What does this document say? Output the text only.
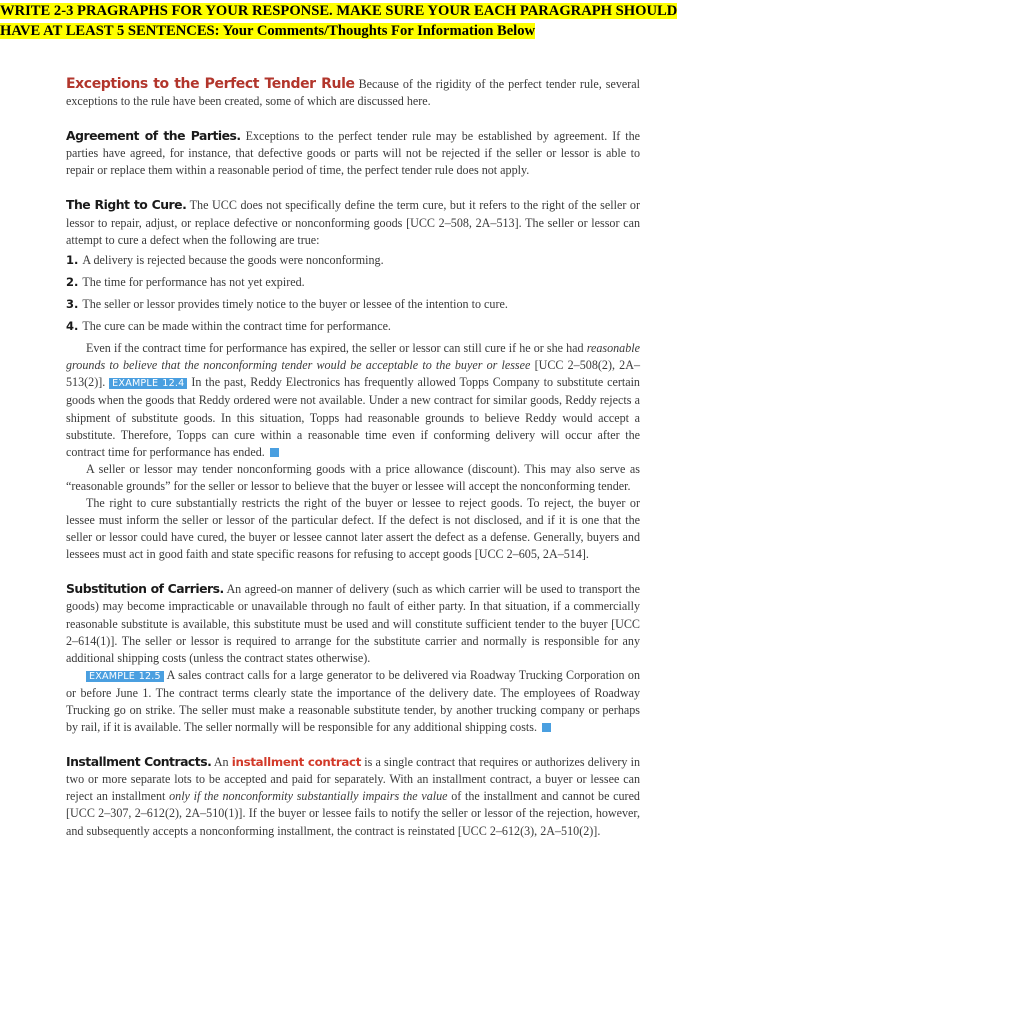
WRITE 2-3 PRAGRAPHS FOR YOUR RESPONSE. MAKE SURE YOUR EACH PARAGRAPH SHOULD
HAVE AT LEAST 5 SENTENCES: Your Comments/Thoughts For Information Below

Exceptions to the Perfect Tender Rule Because of the rigidity of the perfect tender rule, several exceptions to the rule have been created, some of which are discussed here.

Agreement of the Parties. Exceptions to the perfect tender rule may be established by agreement. If the parties have agreed, for instance, that defective goods or parts will not be rejected if the seller or lessor is able to repair or replace them within a reasonable period of time, the perfect tender rule does not apply.

The Right to Cure. The UCC does not specifically define the term cure, but it refers to the right of the seller or lessor to repair, adjust, or replace defective or nonconforming goods [UCC 2–508, 2A–513]. The seller or lessor can attempt to cure a defect when the following are true:

1. A delivery is rejected because the goods were nonconforming.
2. The time for performance has not yet expired.
3. The seller or lessor provides timely notice to the buyer or lessee of the intention to cure.
4. The cure can be made within the contract time for performance.

Even if the contract time for performance has expired, the seller or lessor can still cure if he or she had reasonable grounds to believe that the nonconforming tender would be acceptable to the buyer or lessee [UCC 2–508(2), 2A–513(2)]. EXAMPLE 12.4 In the past, Reddy Electronics has frequently allowed Topps Company to substitute certain goods when the goods that Reddy ordered were not available. Under a new contract for similar goods, Reddy rejects a shipment of substitute goods. In this situation, Topps had reasonable grounds to believe Reddy would accept a substitute. Therefore, Topps can cure within a reasonable time even if conforming delivery will occur after the contract time for performance has ended.

A seller or lessor may tender nonconforming goods with a price allowance (discount). This may also serve as “reasonable grounds” for the seller or lessor to believe that the buyer or lessee will accept the nonconforming tender.

The right to cure substantially restricts the right of the buyer or lessee to reject goods. To reject, the buyer or lessee must inform the seller or lessor of the particular defect. If the defect is not disclosed, and if it is one that the seller or lessor could have cured, the buyer or lessee cannot later assert the defect as a defense. Generally, buyers and lessees must act in good faith and state specific reasons for refusing to accept goods [UCC 2–605, 2A–514].

Substitution of Carriers. An agreed-on manner of delivery (such as which carrier will be used to transport the goods) may become impracticable or unavailable through no fault of either party. In that situation, if a commercially reasonable substitute is available, this substitute must be used and will constitute sufficient tender to the buyer [UCC 2–614(1)]. The seller or lessor is required to arrange for the substitute carrier and normally is responsible for any additional shipping costs (unless the contract states otherwise).

EXAMPLE 12.5 A sales contract calls for a large generator to be delivered via Roadway Trucking Corporation on or before June 1. The contract terms clearly state the importance of the delivery date. The employees of Roadway Trucking go on strike. The seller must make a reasonable substitute tender, by another trucking company or perhaps by rail, if it is available. The seller normally will be responsible for any additional shipping costs.

Installment Contracts. An installment contract is a single contract that requires or authorizes delivery in two or more separate lots to be accepted and paid for separately. With an installment contract, a buyer or lessee can reject an installment only if the nonconformity substantially impairs the value of the installment and cannot be cured [UCC 2–307, 2–612(2), 2A–510(1)]. If the buyer or lessee fails to notify the seller or lessor of the rejection, however, and subsequently accepts a nonconforming installment, the contract is reinstated [UCC 2–612(3), 2A–510(2)].
